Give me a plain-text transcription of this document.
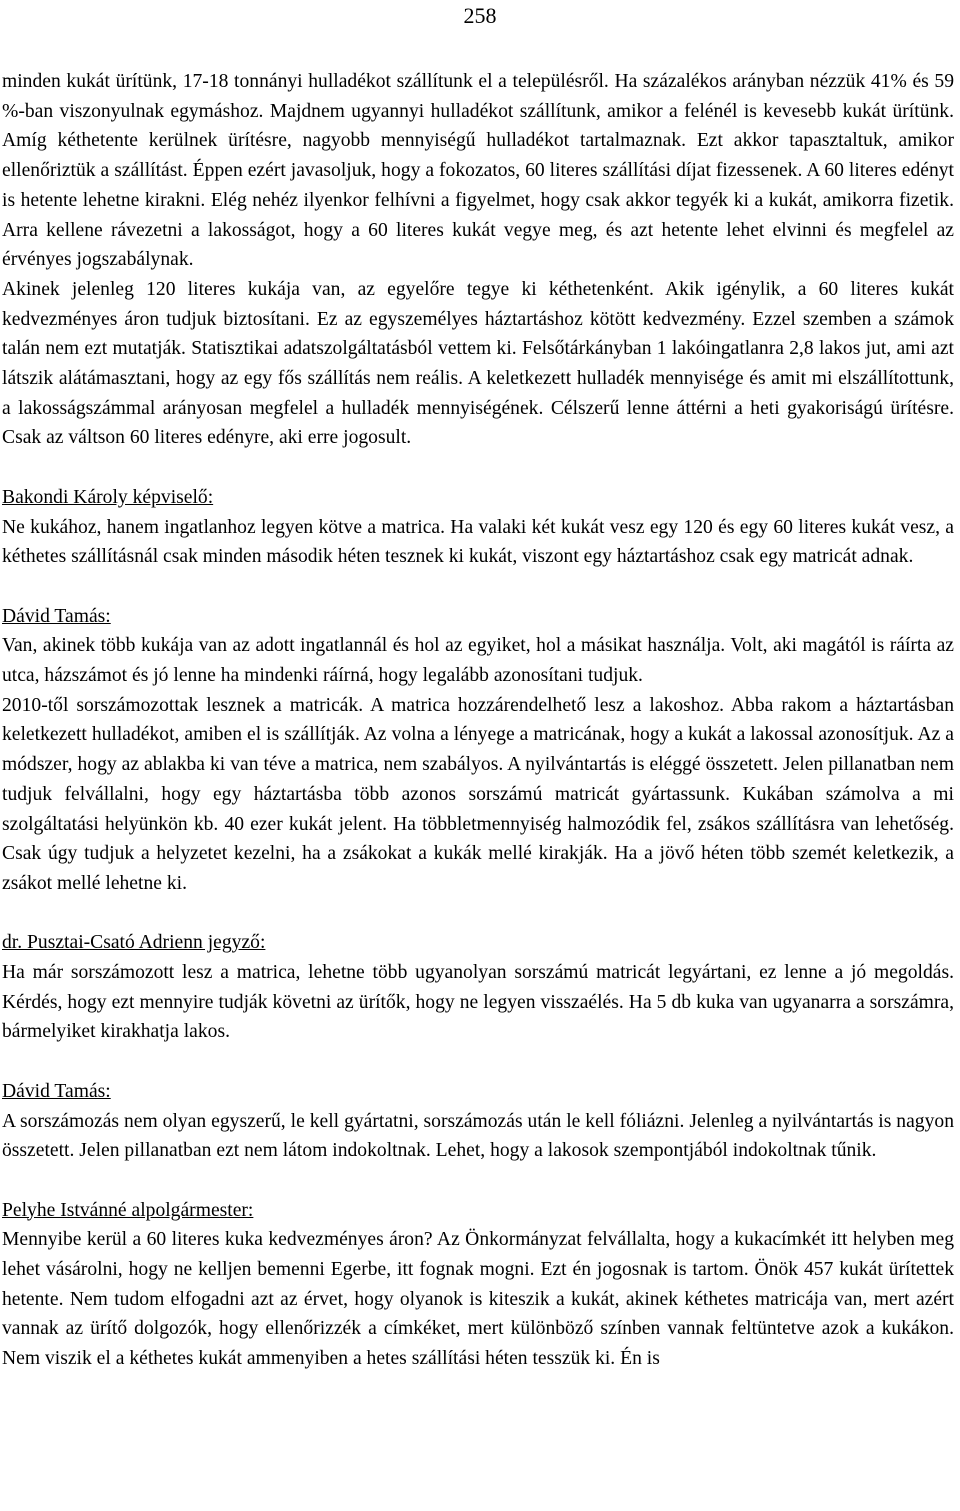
258

minden kukát ürítünk, 17-18 tonnányi hulladékot szállítunk el a településről. Ha százalékos arányban nézzük 41% és 59 %-ban viszonyulnak egymáshoz. Majdnem ugyannyi hulladékot szállítunk, amikor a felénél is kevesebb kukát ürítünk. Amíg kéthetente kerülnek ürítésre, nagyobb mennyiségű hulladékot tartalmaznak. Ezt akkor tapasztaltuk, amikor ellenőriztük a szállítást. Éppen ezért javasoljuk, hogy a fokozatos, 60 literes szállítási díjat fizessenek. A 60 literes edényt is hetente lehetne kirakni. Elég nehéz ilyenkor felhívni a figyelmet, hogy csak akkor tegyék ki a kukát, amikorra fizetik. Arra kellene rávezetni a lakosságot, hogy a 60 literes kukát vegye meg, és azt hetente lehet elvinni és megfelel az érvényes jogszabálynak.

Akinek jelenleg 120 literes kukája van, az egyelőre tegye ki kéthetenként. Akik igénylik, a 60 literes kukát kedvezményes áron tudjuk biztosítani. Ez az egyszemélyes háztartáshoz kötött kedvezmény. Ezzel szemben a számok talán nem ezt mutatják. Statisztikai adatszolgáltatásból vettem ki. Felsőtárkányban 1 lakóingatlanra 2,8 lakos jut, ami azt látszik alátámasztani, hogy az egy fős szállítás nem reális. A keletkezett hulladék mennyisége és amit mi elszállítottunk, a lakosságszámmal arányosan megfelel a hulladék mennyiségének. Célszerű lenne áttérni a heti gyakoriságú ürítésre. Csak az váltson 60 literes edényre, aki erre jogosult.

Bakondi Károly képviselő:

Ne kukához, hanem ingatlanhoz legyen kötve a matrica. Ha valaki két kukát vesz egy 120 és egy 60 literes kukát vesz, a kéthetes szállításnál csak minden második héten tesznek ki kukát, viszont egy háztartáshoz csak egy matricát adnak.

Dávid Tamás:

Van, akinek több kukája van az adott ingatlannál és hol az egyiket, hol a másikat használja. Volt, aki magától is ráírta az utca, házszámot és jó lenne ha mindenki ráírná, hogy legalább azonosítani tudjuk.

2010-től sorszámozottak lesznek a matricák. A matrica hozzárendelhető lesz a lakoshoz. Abba rakom a háztartásban keletkezett hulladékot, amiben el is szállítják. Az volna a lényege a matricának, hogy a kukát a lakossal azonosítjuk. Az a módszer, hogy az ablakba ki van téve a matrica, nem szabályos. A nyilvántartás is eléggé összetett. Jelen pillanatban nem tudjuk felvállalni, hogy egy háztartásba több azonos sorszámú matricát gyártassunk. Kukában számolva a mi szolgáltatási helyünkön kb. 40 ezer kukát jelent. Ha többletmennyiség halmozódik fel, zsákos szállításra van lehetőség. Csak úgy tudjuk a helyzetet kezelni, ha a zsákokat a kukák mellé kirakják. Ha a jövő héten több szemét keletkezik, a zsákot mellé lehetne ki.

dr. Pusztai-Csató Adrienn jegyző:

Ha már sorszámozott lesz a matrica, lehetne több ugyanolyan sorszámú matricát legyártani, ez lenne a jó megoldás. Kérdés, hogy ezt mennyire tudják követni az ürítők, hogy ne legyen visszaélés. Ha 5 db kuka van ugyanarra a sorszámra, bármelyiket kirakhatja lakos.

Dávid Tamás:

A sorszámozás nem olyan egyszerű, le kell gyártatni, sorszámozás után le kell fóliázni. Jelenleg a nyilvántartás is nagyon összetett. Jelen pillanatban ezt nem látom indokoltnak. Lehet, hogy a lakosok szempontjából indokoltnak tűnik.

Pelyhe Istvánné alpolgármester:

Mennyibe kerül a 60 literes kuka kedvezményes áron? Az Önkormányzat felvállalta, hogy a kukacímkét itt helyben meg lehet vásárolni, hogy ne kelljen bemenni Egerbe, itt fognak mogni. Ezt én jogosnak is tartom. Önök 457 kukát ürítettek hetente. Nem tudom elfogadni azt az érvet, hogy olyanok is kiteszik a kukát, akinek kéthetes matricája van, mert azért vannak az ürítő dolgozók, hogy ellenőrizzék a címkéket, mert különböző színben vannak feltüntetve azok a kukákon. Nem viszik el a kéthetes kukát ammenyiben a hetes szállítási héten tesszük ki. Én is
